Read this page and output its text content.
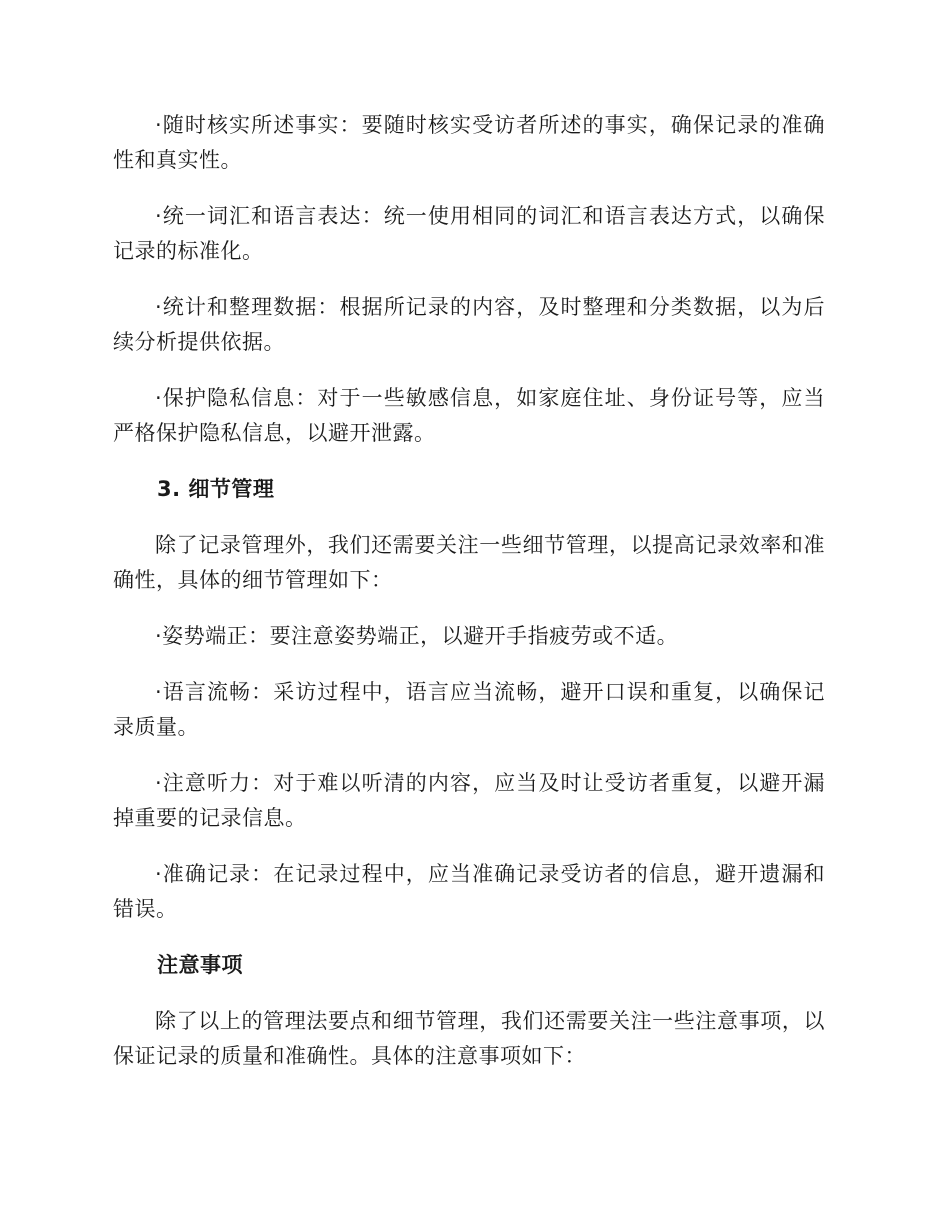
·随时核实所述事实：要随时核实受访者所述的事实，确保记录的准确性和真实性。

·统一词汇和语言表达：统一使用相同的词汇和语言表达方式，以确保记录的标准化。

·统计和整理数据：根据所记录的内容，及时整理和分类数据，以为后续分析提供依据。

·保护隐私信息：对于一些敏感信息，如家庭住址、身份证号等，应当严格保护隐私信息，以避开泄露。

3. 细节管理

除了记录管理外，我们还需要关注一些细节管理，以提高记录效率和准确性，具体的细节管理如下：

·姿势端正：要注意姿势端正，以避开手指疲劳或不适。

·语言流畅：采访过程中，语言应当流畅，避开口误和重复，以确保记录质量。

·注意听力：对于难以听清的内容，应当及时让受访者重复，以避开漏掉重要的记录信息。

·准确记录：在记录过程中，应当准确记录受访者的信息，避开遗漏和错误。

注意事项

除了以上的管理法要点和细节管理，我们还需要关注一些注意事项，以保证记录的质量和准确性。具体的注意事项如下：
